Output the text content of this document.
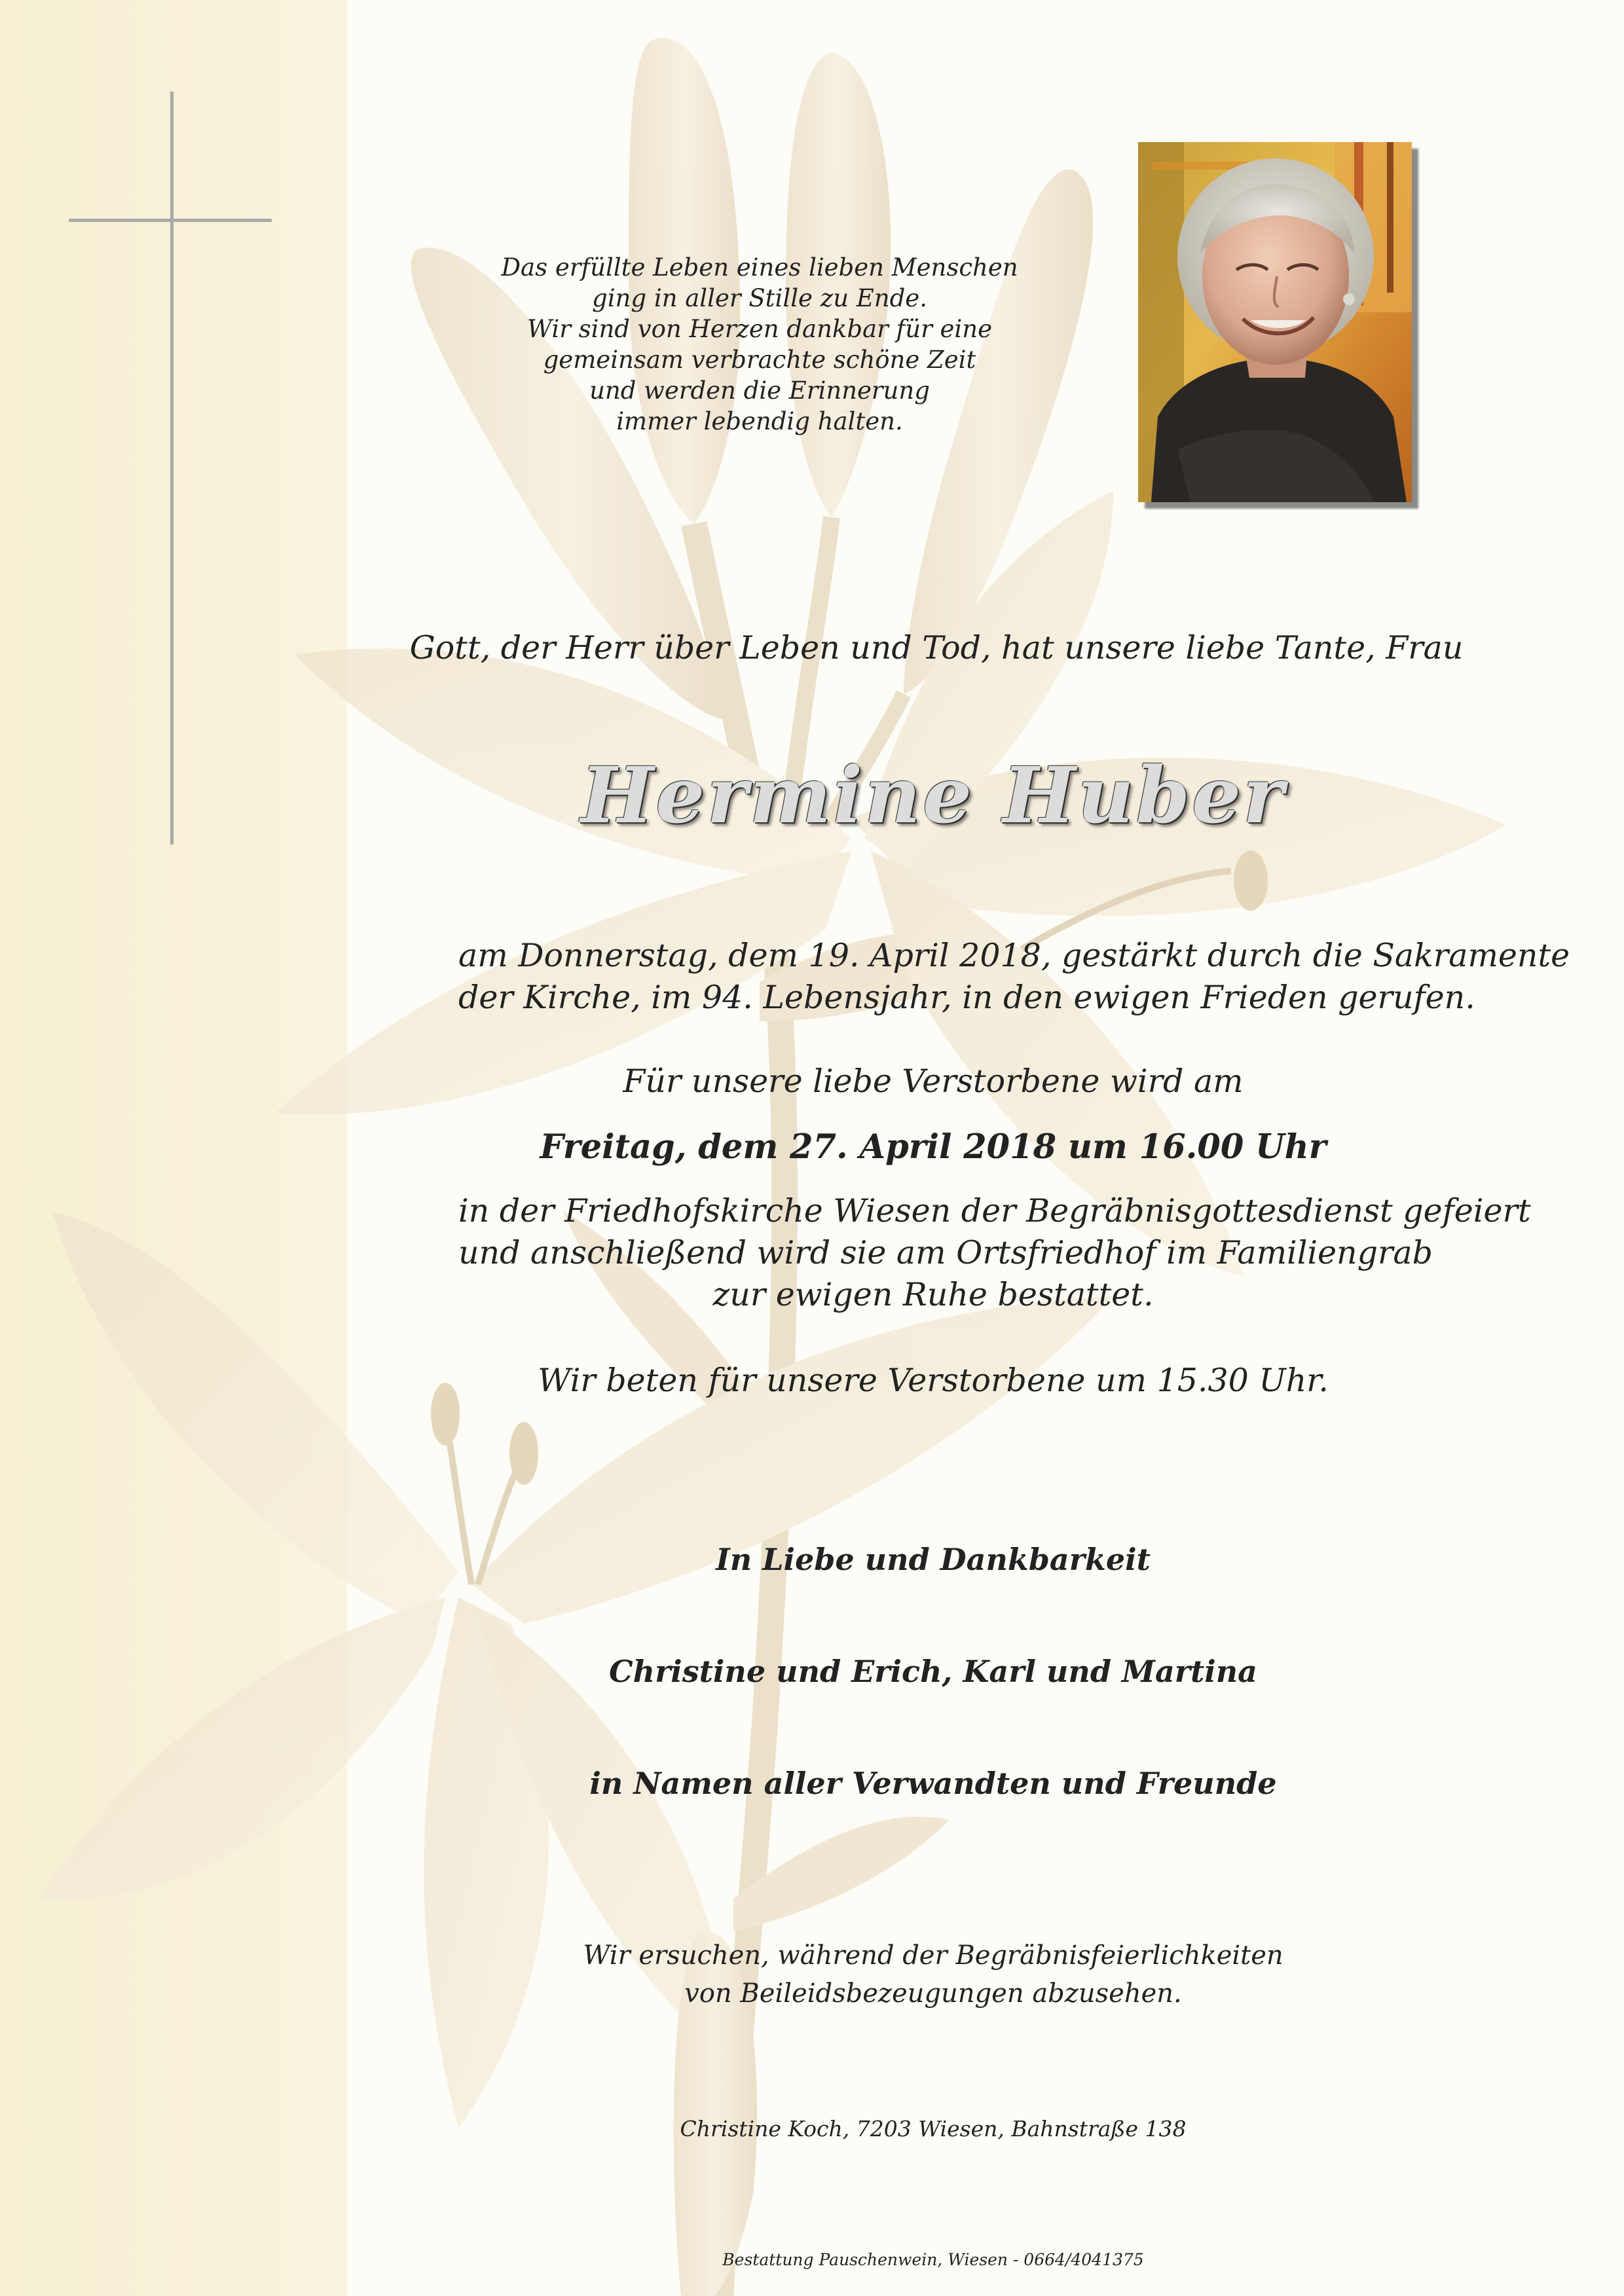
Das erfüllte Leben eines lieben Menschen
ging in aller Stille zu Ende.
Wir sind von Herzen dankbar für eine
gemeinsam verbrachte schöne Zeit
und werden die Erinnerung
immer lebendig halten.
Gott, der Herr über Leben und Tod, hat unsere liebe Tante, Frau
Hermine Huber
am Donnerstag, dem 19. April 2018, gestärkt durch die Sakramente
der Kirche, im 94. Lebensjahr, in den ewigen Frieden gerufen.
Für unsere liebe Verstorbene wird am
Freitag, dem 27. April 2018 um 16.00 Uhr
in der Friedhofskirche Wiesen der Begräbnisgottesdienst gefeiert
und anschließend wird sie am Ortsfriedhof im Familiengrab
zur ewigen Ruhe bestattet.
Wir beten für unsere Verstorbene um 15.30 Uhr.
In Liebe und Dankbarkeit
Christine und Erich, Karl und Martina
in Namen aller Verwandten und Freunde
Wir ersuchen, während der Begräbnisfeierlichkeiten
von Beileidsbezeugungen abzusehen.
Christine Koch, 7203 Wiesen, Bahnstraße 138
Bestattung Pauschenwein, Wiesen - 0664/4041375
